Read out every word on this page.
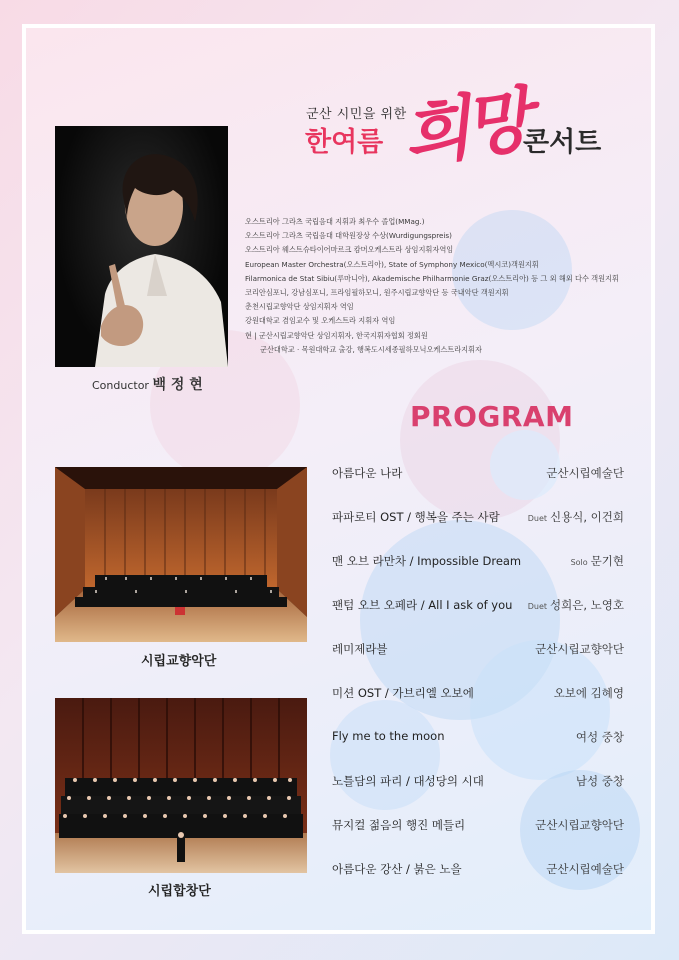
군산 시민을 위한
한여름 희망
콘서트
Conductor 백 정 현
오스트리아 그라츠 국립음대 지휘과 최우수 졸업(MMag.)
오스트리아 그라츠 국립음대 대학원장상 수상(Wurdigungspreis)
오스트리아 웨스트슈타이어마르크 캄머오케스트라 상임지휘자역임
European Master Orchestra(오스트리아), State of Symphony Mexico(멕시코)객원지휘
Filarmonica de Stat Sibiu(루마니아), Akademische Philharmonie Graz(오스트리아) 등 그 외 해외 다수 객원지휘
코리안심포니, 강남심포니, 프라임필하모니, 원주시립교향악단 등 국내악단 객원지휘
춘천시립교향악단 상임지휘자 역임
강원대학교 겸임교수 및 오케스트라 지휘자 역임
현 | 군산시립교향악단 상임지휘자, 한국지휘자협회 정회원
군산대학교 · 목원대학교 출강, 행복도시세종필하모닉오케스트라지휘자
PROGRAM
아름다운 나라	군산시립예술단
파파로티 OST / 행복을 주는 사람	Duet 신용식, 이건희
맨 오브 라만차 / Impossible Dream	Solo 문기현
팬텀 오브 오페라 / All I ask of you Duet 성희은, 노영호
레미제라블	군산시립교향악단
미션 OST / 가브리엘 오보에	오보에 김혜영
Fly me to the moon	여성 중창
노틀담의 파리 / 대성당의 시대	남성 중창
뮤지컬 젊음의 행진 메들리	군산시립교향악단
아름다운 강산 / 붉은 노을	군산시립예술단
시립교향악단
시립합창단
